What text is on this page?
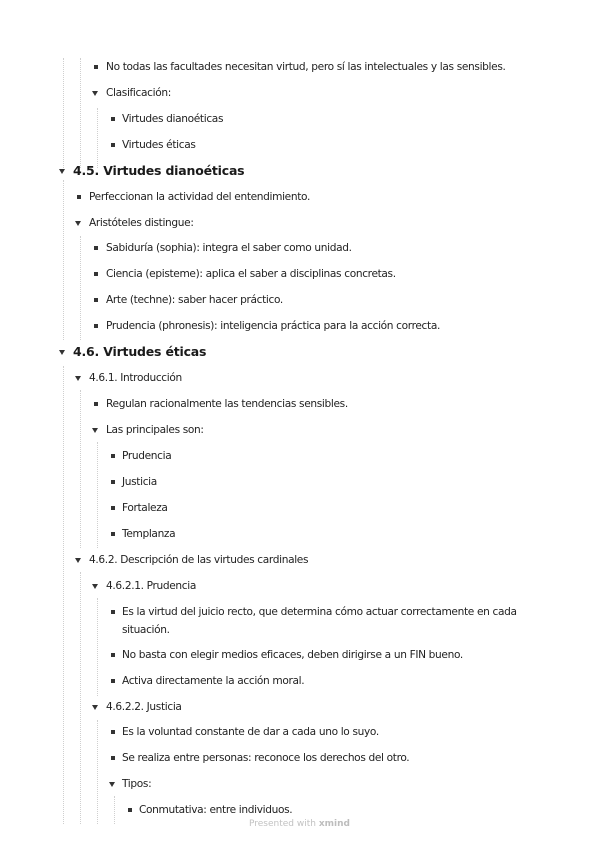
No todas las facultades necesitan virtud, pero sí las intelectuales y las sensibles.
Clasificación:
Virtudes dianoéticas
Virtudes éticas
4.5. Virtudes dianoéticas
Perfeccionan la actividad del entendimiento.
Aristóteles distingue:
Sabiduría (sophia): integra el saber como unidad.
Ciencia (episteme): aplica el saber a disciplinas concretas.
Arte (techne): saber hacer práctico.
Prudencia (phronesis): inteligencia práctica para la acción correcta.
4.6. Virtudes éticas
4.6.1. Introducción
Regulan racionalmente las tendencias sensibles.
Las principales son:
Prudencia
Justicia
Fortaleza
Templanza
4.6.2. Descripción de las virtudes cardinales
4.6.2.1. Prudencia
Es la virtud del juicio recto, que determina cómo actuar correctamente en cada situación.
No basta con elegir medios eficaces, deben dirigirse a un FIN bueno.
Activa directamente la acción moral.
4.6.2.2. Justicia
Es la voluntad constante de dar a cada uno lo suyo.
Se realiza entre personas: reconoce los derechos del otro.
Tipos:
Conmutativa: entre individuos.
Presented with xmind
